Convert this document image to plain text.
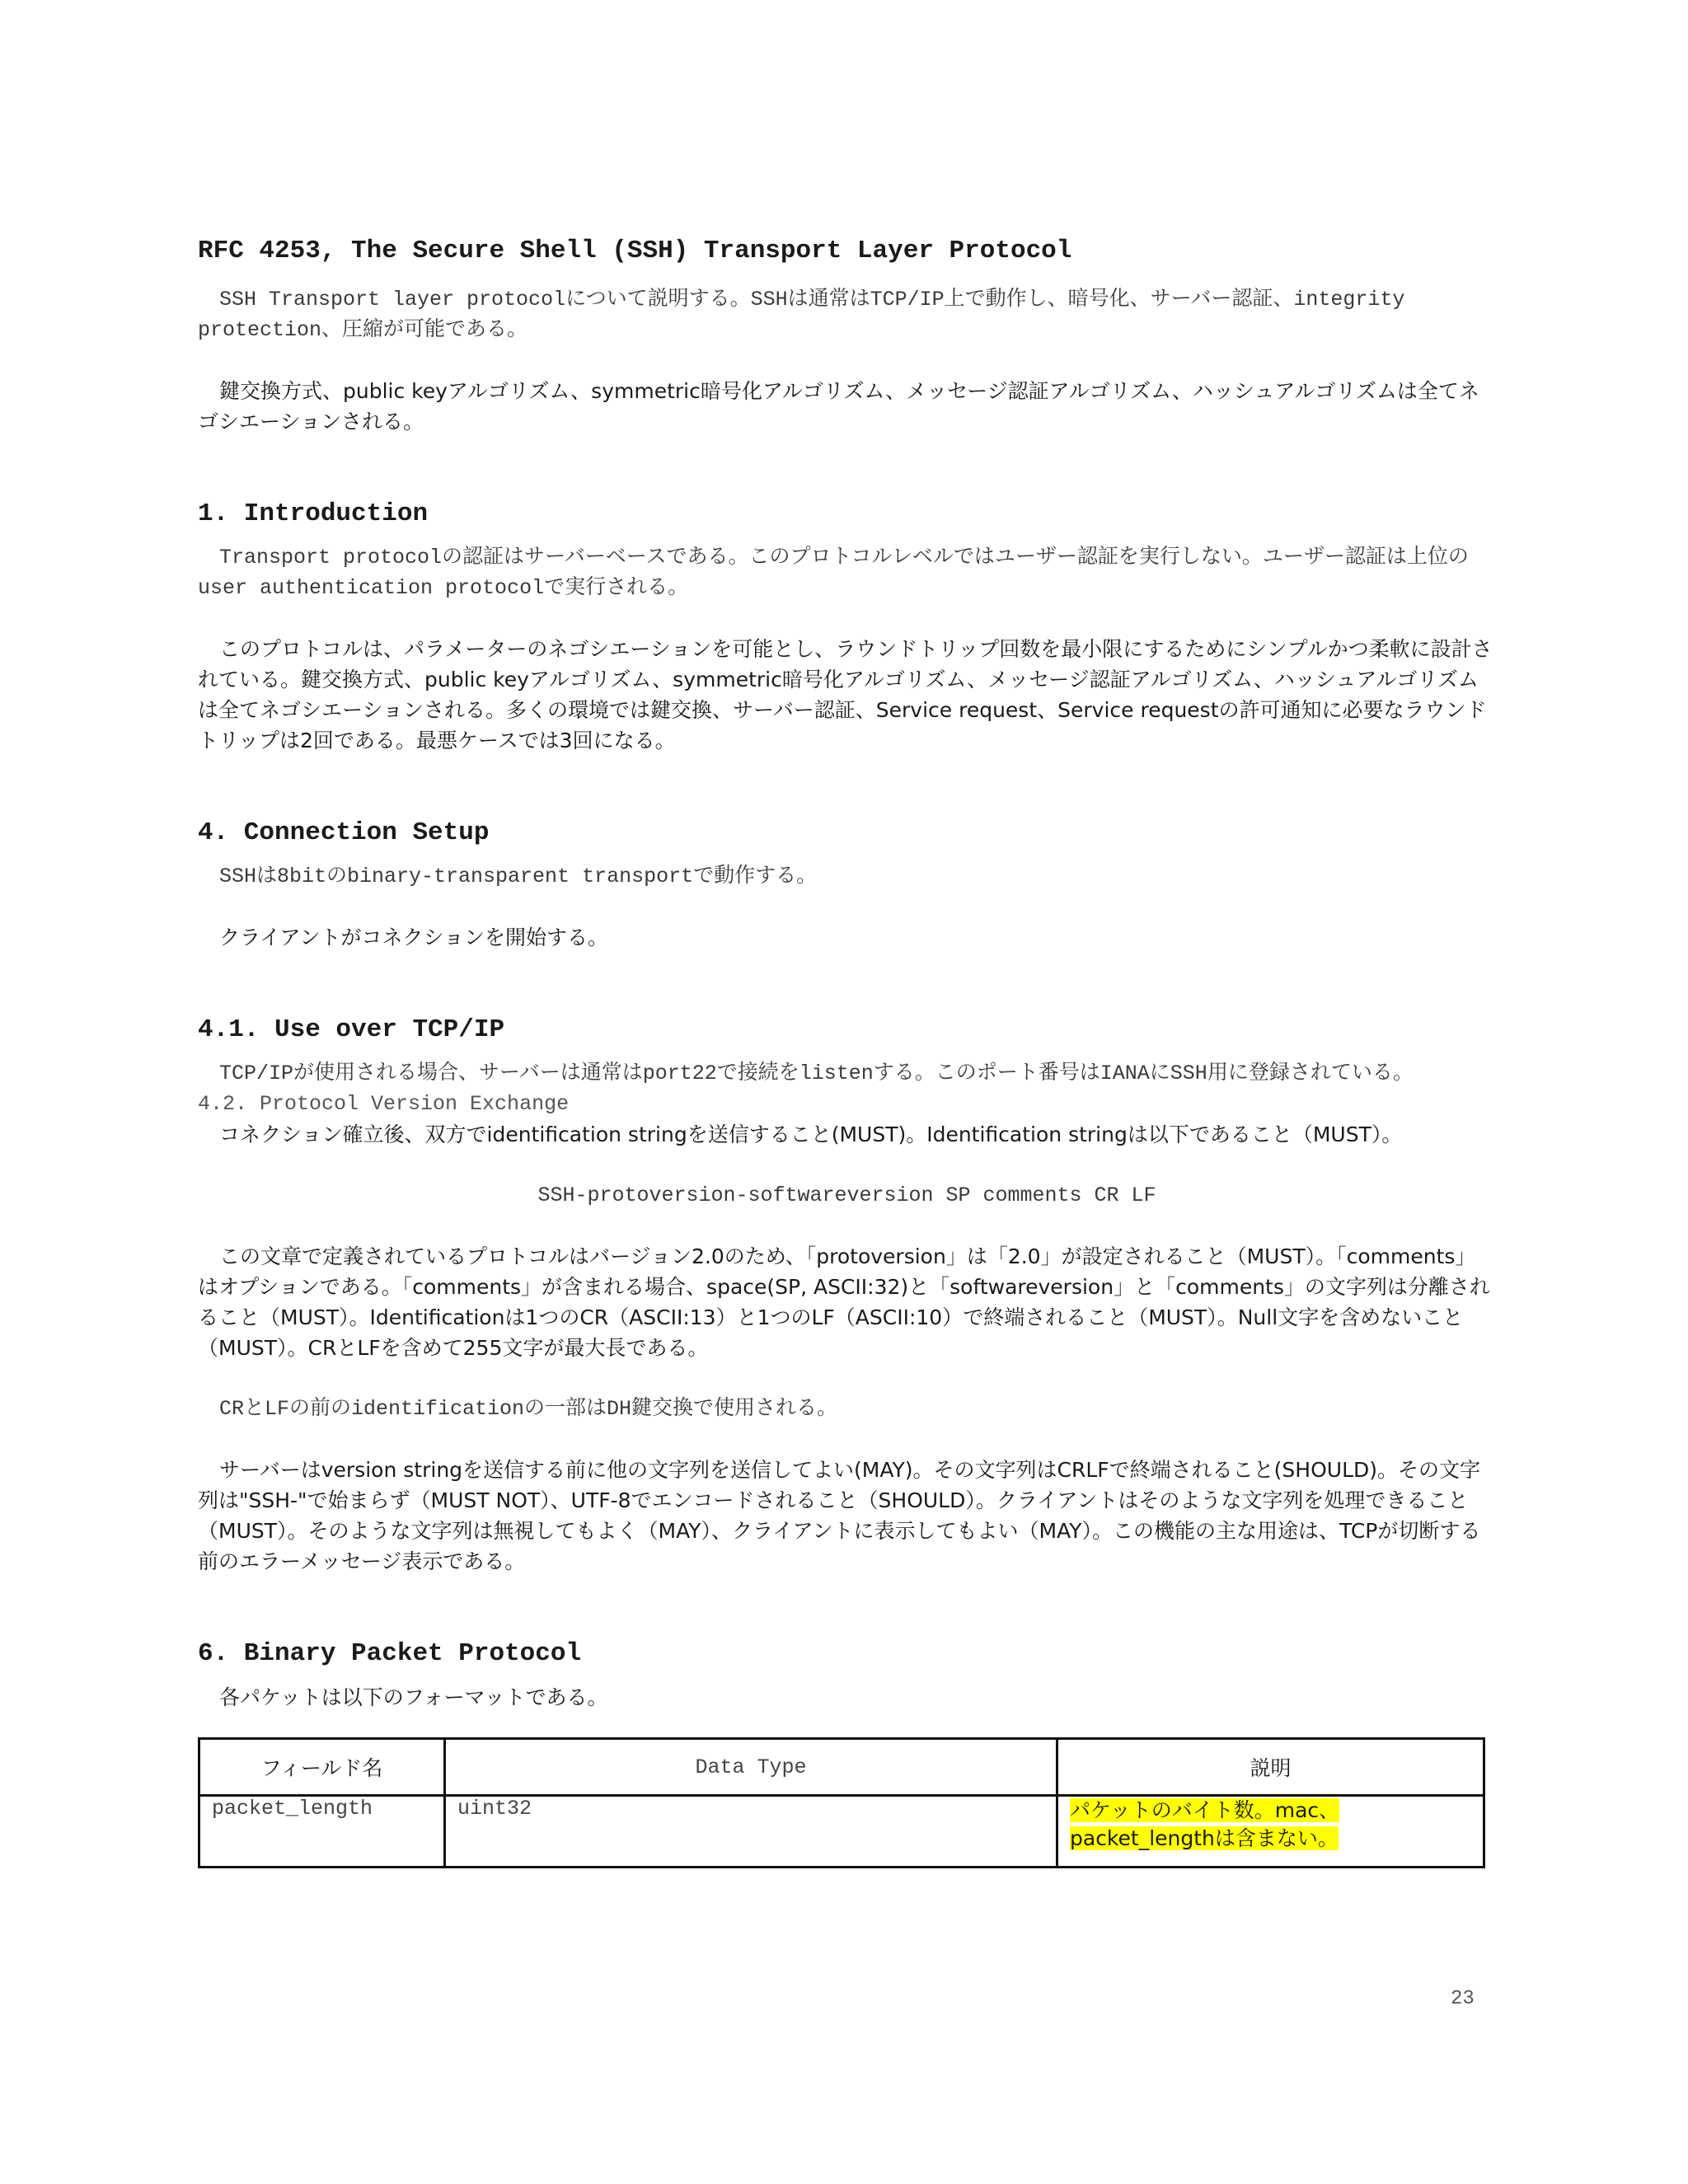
RFC 4253, The Secure Shell (SSH) Transport Layer Protocol

SSH Transport layer protocolについて説明する。SSHは通常はTCP/IP上で動作し、暗号化、サーバー認証、integrity protection、圧縮が可能である。

鍵交換方式、public keyアルゴリズム、symmetric暗号化アルゴリズム、メッセージ認証アルゴリズム、ハッシュアルゴリズムは全てネゴシエーションされる。

1. Introduction

Transport protocolの認証はサーバーベースである。このプロトコルレベルではユーザー認証を実行しない。ユーザー認証は上位のuser authentication protocolで実行される。

このプロトコルは、パラメーターのネゴシエーションを可能とし、ラウンドトリップ回数を最小限にするためにシンプルかつ柔軟に設計されている。鍵交換方式、public keyアルゴリズム、symmetric暗号化アルゴリズム、メッセージ認証アルゴリズム、ハッシュアルゴリズムは全てネゴシエーションされる。多くの環境では鍵交換、サーバー認証、Service request、Service requestの許可通知に必要なラウンドトリップは2回である。最悪ケースでは3回になる。

4. Connection Setup

SSHは8bitのbinary-transparent transportで動作する。

クライアントがコネクションを開始する。

4.1. Use over TCP/IP

TCP/IPが使用される場合、サーバーは通常はport22で接続をlistenする。このポート番号はIANAにSSH用に登録されている。

4.2. Protocol Version Exchange

コネクション確立後、双方でidentification stringを送信すること(MUST)。Identification stringは以下であること（MUST）。

SSH-protoversion-softwareversion SP comments CR LF

この文章で定義されているプロトコルはバージョン2.0のため、「protoversion」は「2.0」が設定されること（MUST）。「comments」はオプションである。「comments」が含まれる場合、space(SP, ASCII:32)と「softwareversion」と「comments」の文字列は分離されること（MUST）。Identificationは1つのCR（ASCII:13）と1つのLF（ASCII:10）で終端されること（MUST）。Null文字を含めないこと（MUST）。CRとLFを含めて255文字が最大長である。

CRとLFの前のidentificationの一部はDH鍵交換で使用される。

サーバーはversion stringを送信する前に他の文字列を送信してよい(MAY)。その文字列はCRLFで終端されること(SHOULD)。その文字列は"SSH-"で始まらず（MUST NOT）、UTF-8でエンコードされること（SHOULD）。クライアントはそのような文字列を処理できること（MUST）。そのような文字列は無視してもよく（MAY）、クライアントに表示してもよい（MAY）。この機能の主な用途は、TCPが切断する前のエラーメッセージ表示である。

6. Binary Packet Protocol

各パケットは以下のフォーマットである。

フィールド名	Data Type	説明
packet_length	uint32	パケットのバイト数。mac、packet_lengthは含まない。
23
